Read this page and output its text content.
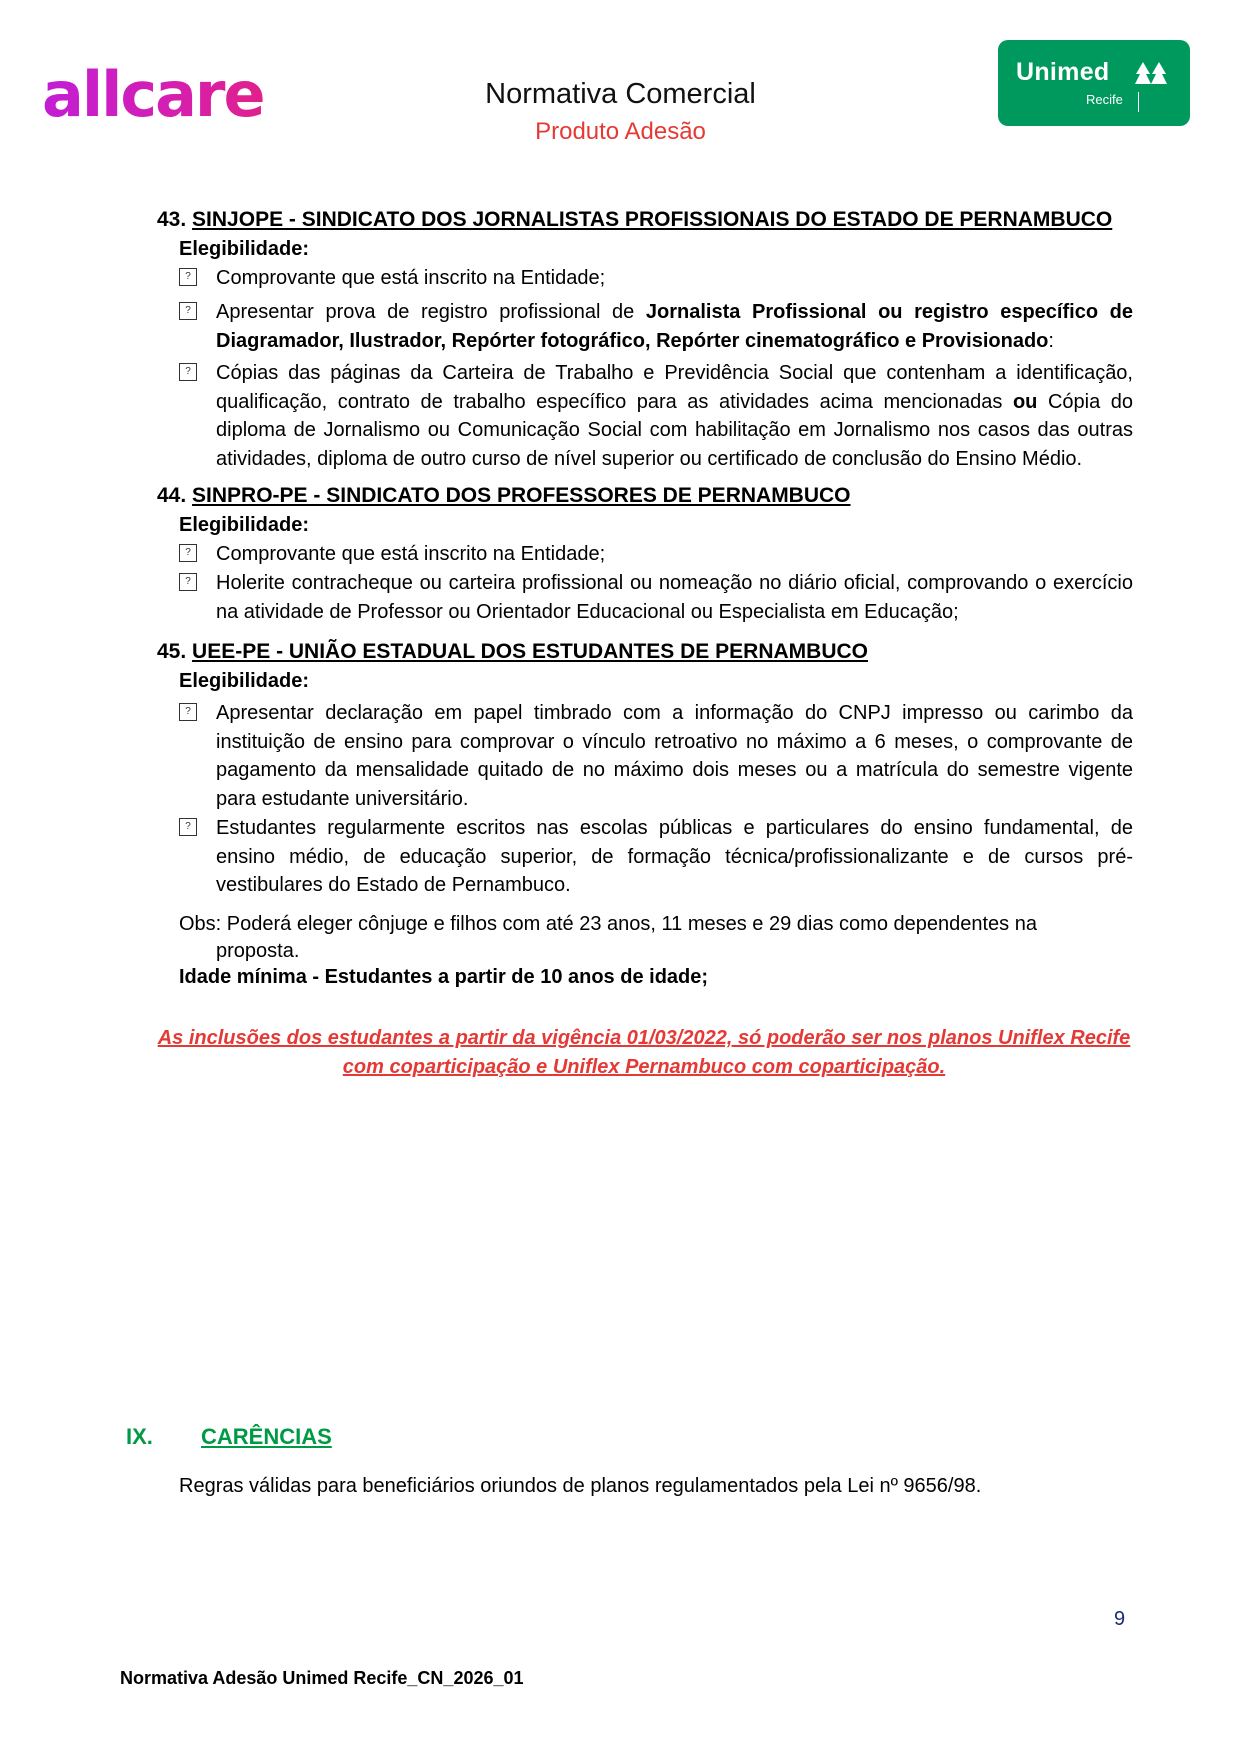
allcare	Normativa Comercial
Produto Adesão
Unimed
Recife
43. SINJOPE - SINDICATO DOS JORNALISTAS PROFISSIONAIS DO ESTADO DE PERNAMBUCO
Elegibilidade:
?	Comprovante que está inscrito na Entidade;
?	Apresentar prova de registro profissional de Jornalista Profissional ou registro específico de Diagramador, Ilustrador, Repórter fotográfico, Repórter cinematográfico e Provisionado:
?	Cópias das páginas da Carteira de Trabalho e Previdência Social que contenham a identificação, qualificação, contrato de trabalho específico para as atividades acima mencionadas ou Cópia do diploma de Jornalismo ou Comunicação Social com habilitação em Jornalismo nos casos das outras atividades, diploma de outro curso de nível superior ou certificado de conclusão do Ensino Médio.
44. SINPRO-PE - SINDICATO DOS PROFESSORES DE PERNAMBUCO
Elegibilidade:
?	Comprovante que está inscrito na Entidade;
?	Holerite contracheque ou carteira profissional ou nomeação no diário oficial, comprovando o exercício na atividade de Professor ou Orientador Educacional ou Especialista em Educação;
45. UEE-PE - UNIÃO ESTADUAL DOS ESTUDANTES DE PERNAMBUCO
Elegibilidade:
?	Apresentar declaração em papel timbrado com a informação do CNPJ impresso ou carimbo da instituição de ensino para comprovar o vínculo retroativo no máximo a 6 meses, o comprovante de pagamento da mensalidade quitado de no máximo dois meses ou a matrícula do semestre vigente para estudante universitário.
?	Estudantes regularmente escritos nas escolas públicas e particulares do ensino fundamental, de ensino médio, de educação superior, de formação técnica/profissionalizante e de cursos pré-vestibulares do Estado de Pernambuco.
Obs: Poderá eleger cônjuge e filhos com até 23 anos, 11 meses e 29 dias como dependentes na
proposta.
Idade mínima - Estudantes a partir de 10 anos de idade;
As inclusões dos estudantes a partir da vigência 01/03/2022, só poderão ser nos planos Uniflex Recife com coparticipação e Uniflex Pernambuco com coparticipação.
IX. CARÊNCIAS
Regras válidas para beneficiários oriundos de planos regulamentados pela Lei nº 9656/98.
9
Normativa Adesão Unimed Recife_CN_2026_01
